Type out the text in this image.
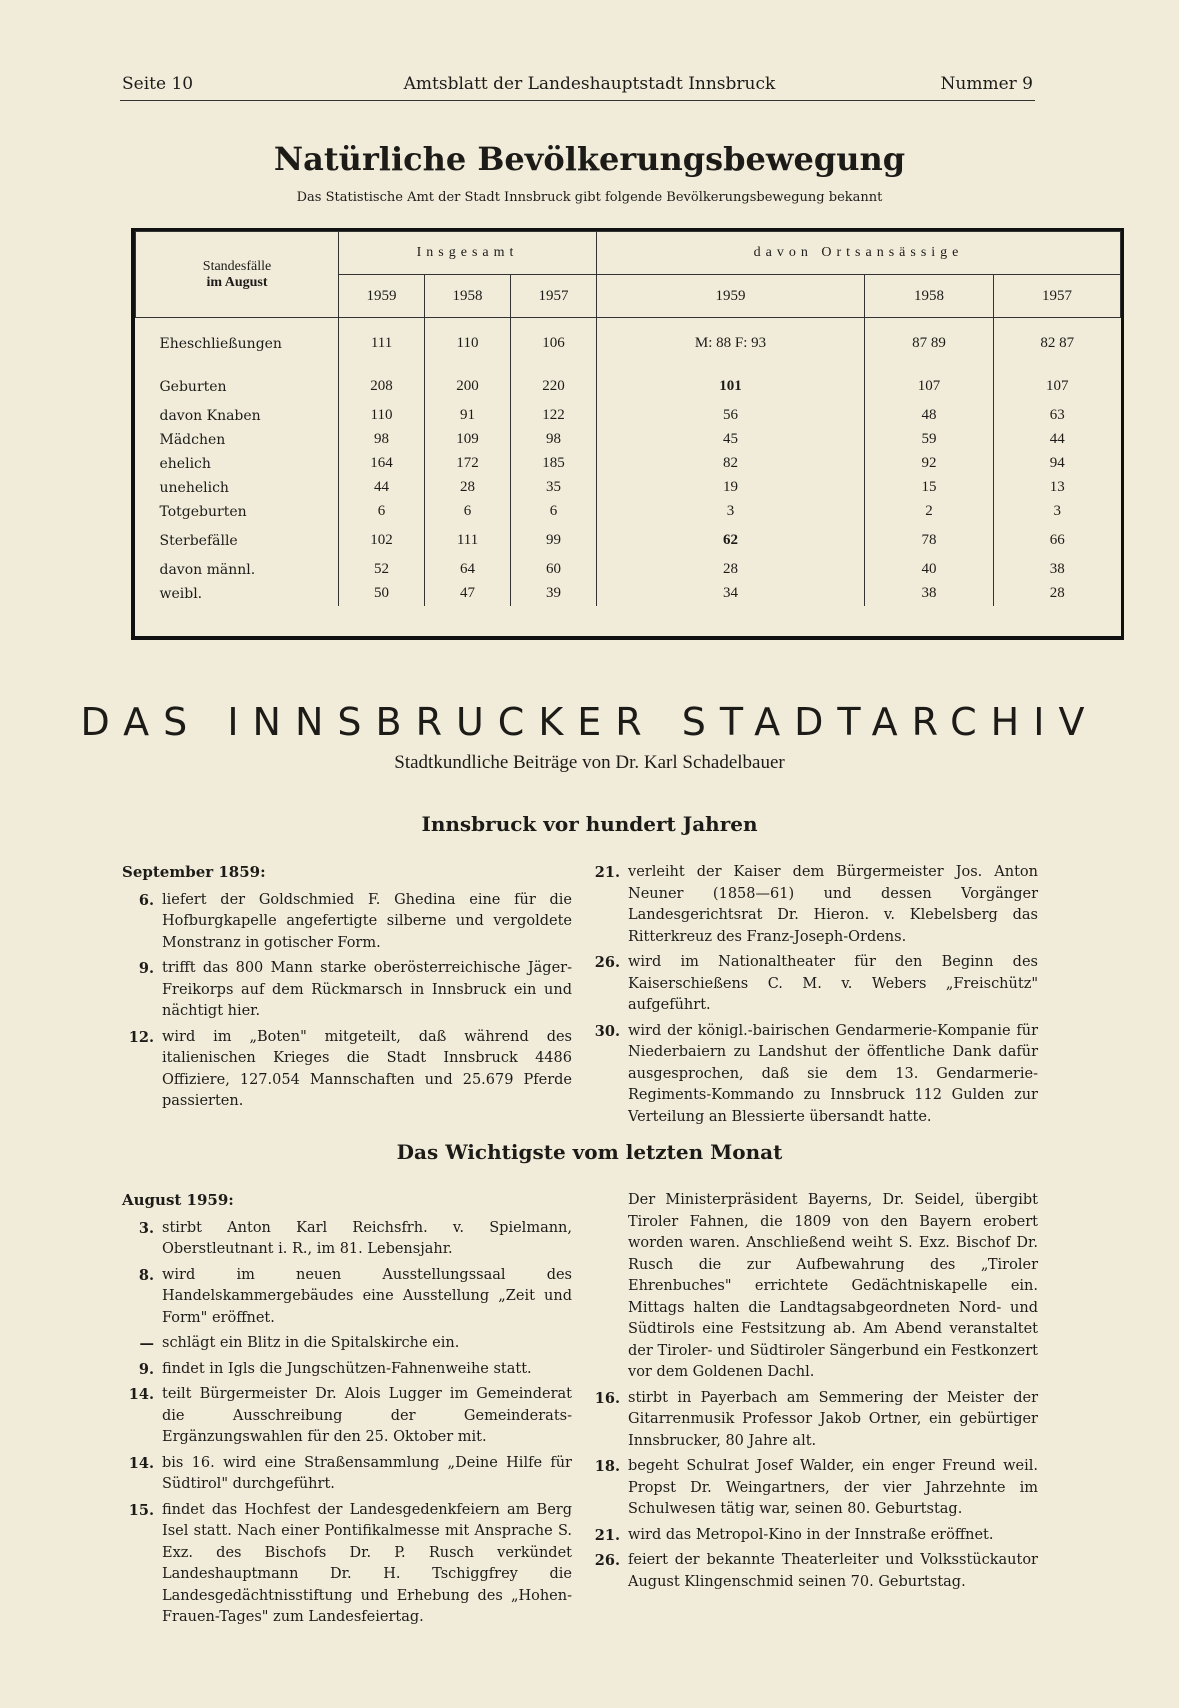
Seite 10	Amtsblatt der Landeshauptstadt Innsbruck	Nummer 9
Natürliche Bevölkerungsbewegung
Das Statistische Amt der Stadt Innsbruck gibt folgende Bevölkerungsbewegung bekannt
Standesfälle
im August	Insgesamt			davon Ortsansässige		
	1959	1958	1957	1959	1958	1957
Eheschließungen	111	110	106	M: 88 F: 93	87 89	82 87
Geburten	208	200	220	101	107	107
davon Knaben	110	91	122	56	48	63
Mädchen	98	109	98	45	59	44
ehelich	164	172	185	82	92	94
unehelich	44	28	35	19	15	13
Totgeburten	6	6	6	3	2	3
Sterbefälle	102	111	99	62	78	66
davon männl.	52	64	60	28	40	38
weibl.	50	47	39	34	38	28
DAS INNSBRUCKER STADTARCHIV
Stadtkundliche Beiträge von Dr. Karl Schadelbauer
Innsbruck vor hundert Jahren
September 1859:
6. liefert der Goldschmied F. Ghedina eine für die Hofburgkapelle angefertigte silberne und vergoldete Monstranz in gotischer Form.
9. trifft das 800 Mann starke oberösterreichische Jäger-Freikorps auf dem Rückmarsch in Innsbruck ein und nächtigt hier.
12. wird im „Boten" mitgeteilt, daß während des italienischen Krieges die Stadt Innsbruck 4486 Offiziere, 127.054 Mannschaften und 25.679 Pferde passierten.
21. verleiht der Kaiser dem Bürgermeister Jos. Anton Neuner (1858—61) und dessen Vorgänger Landesgerichtsrat Dr. Hieron. v. Klebelsberg das Ritterkreuz des Franz-Joseph-Ordens.
26. wird im Nationaltheater für den Beginn des Kaiserschießens C. M. v. Webers „Freischütz" aufgeführt.
30. wird der königl.-bairischen Gendarmerie-Kompanie für Niederbaiern zu Landshut der öffentliche Dank dafür ausgesprochen, daß sie dem 13. Gendarmerie-Regiments-Kommando zu Innsbruck 112 Gulden zur Verteilung an Blessierte übersandt hatte.
Das Wichtigste vom letzten Monat
August 1959:
3. stirbt Anton Karl Reichsfrh. v. Spielmann, Oberstleutnant i. R., im 81. Lebensjahr.
8. wird im neuen Ausstellungssaal des Handelskammergebäudes eine Ausstellung „Zeit und Form" eröffnet.
— schlägt ein Blitz in die Spitalskirche ein.
9. findet in Igls die Jungschützen-Fahnenweihe statt.
14. teilt Bürgermeister Dr. Alois Lugger im Gemeinderat die Ausschreibung der Gemeinderats-Ergänzungswahlen für den 25. Oktober mit.
14. bis 16. wird eine Straßensammlung „Deine Hilfe für Südtirol" durchgeführt.
15. findet das Hochfest der Landesgedenkfeiern am Berg Isel statt. Nach einer Pontifikalmesse mit Ansprache S. Exz. des Bischofs Dr. P. Rusch verkündet Landeshauptmann Dr. H. Tschiggfrey die Landesgedächtnisstiftung und Erhebung des „Hohen-Frauen-Tages" zum Landesfeiertag.
Der Ministerpräsident Bayerns, Dr. Seidel, übergibt Tiroler Fahnen, die 1809 von den Bayern erobert worden waren. Anschließend weiht S. Exz. Bischof Dr. Rusch die zur Aufbewahrung des „Tiroler Ehrenbuches" errichtete Gedächtniskapelle ein. Mittags halten die Landtagsabgeordneten Nord- und Südtirols eine Festsitzung ab. Am Abend veranstaltet der Tiroler- und Südtiroler Sängerbund ein Festkonzert vor dem Goldenen Dachl.
16. stirbt in Payerbach am Semmering der Meister der Gitarrenmusik Professor Jakob Ortner, ein gebürtiger Innsbrucker, 80 Jahre alt.
18. begeht Schulrat Josef Walder, ein enger Freund weil. Propst Dr. Weingartners, der vier Jahrzehnte im Schulwesen tätig war, seinen 80. Geburtstag.
21. wird das Metropol-Kino in der Innstraße eröffnet.
26. feiert der bekannte Theaterleiter und Volksstückautor August Klingenschmid seinen 70. Geburtstag.
